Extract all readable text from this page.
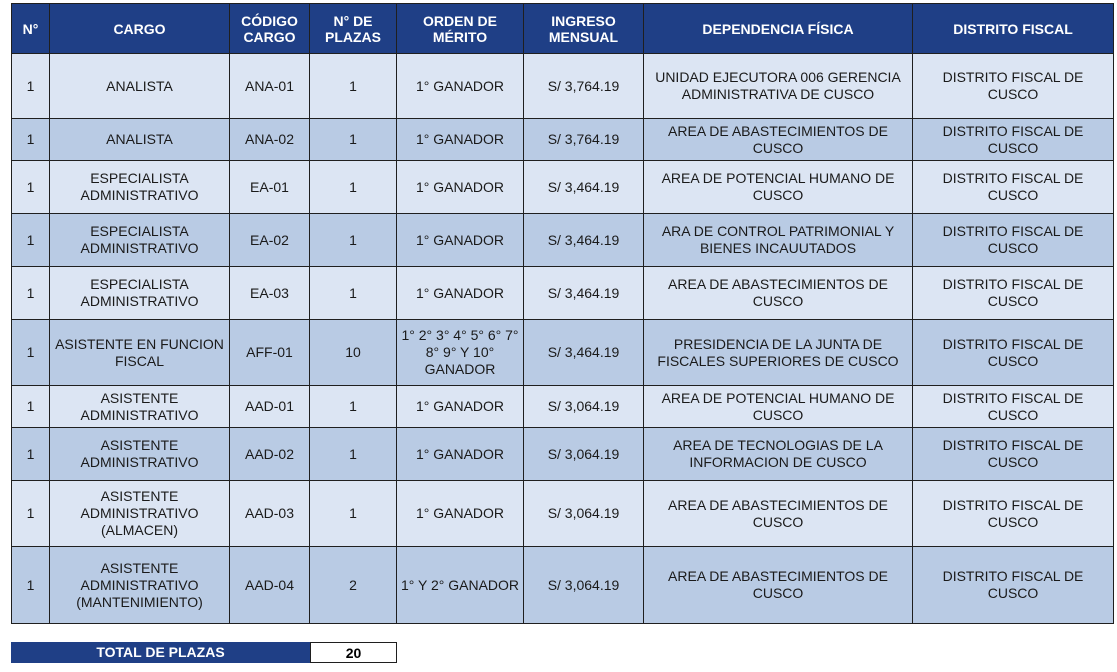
N°	CARGO	CÓDIGO CARGO	N° DE PLAZAS	ORDEN DE MÉRITO	INGRESO MENSUAL	DEPENDENCIA FÍSICA	DISTRITO FISCAL
1	ANALISTA	ANA-01	1	1° GANADOR	S/ 3,764.19	UNIDAD EJECUTORA 006 GERENCIA ADMINISTRATIVA DE CUSCO	DISTRITO FISCAL DE CUSCO
1	ANALISTA	ANA-02	1	1° GANADOR	S/ 3,764.19	AREA DE ABASTECIMIENTOS DE CUSCO	DISTRITO FISCAL DE CUSCO
1	ESPECIALISTA ADMINISTRATIVO	EA-01	1	1° GANADOR	S/ 3,464.19	AREA DE POTENCIAL HUMANO DE CUSCO	DISTRITO FISCAL DE CUSCO
1	ESPECIALISTA ADMINISTRATIVO	EA-02	1	1° GANADOR	S/ 3,464.19	ARA DE CONTROL PATRIMONIAL Y BIENES INCAUUTADOS	DISTRITO FISCAL DE CUSCO
1	ESPECIALISTA ADMINISTRATIVO	EA-03	1	1° GANADOR	S/ 3,464.19	AREA DE ABASTECIMIENTOS DE CUSCO	DISTRITO FISCAL DE CUSCO
1	ASISTENTE EN FUNCION FISCAL	AFF-01	10	1° 2° 3° 4° 5° 6° 7° 8° 9° Y 10° GANADOR	S/ 3,464.19	PRESIDENCIA DE LA JUNTA DE FISCALES SUPERIORES DE CUSCO	DISTRITO FISCAL DE CUSCO
1	ASISTENTE ADMINISTRATIVO	AAD-01	1	1° GANADOR	S/ 3,064.19	AREA DE POTENCIAL HUMANO DE CUSCO	DISTRITO FISCAL DE CUSCO
1	ASISTENTE ADMINISTRATIVO	AAD-02	1	1° GANADOR	S/ 3,064.19	AREA DE TECNOLOGIAS DE LA INFORMACION DE CUSCO	DISTRITO FISCAL DE CUSCO
1	ASISTENTE ADMINISTRATIVO (ALMACEN)	AAD-03	1	1° GANADOR	S/ 3,064.19	AREA DE ABASTECIMIENTOS DE CUSCO	DISTRITO FISCAL DE CUSCO
1	ASISTENTE ADMINISTRATIVO (MANTENIMIENTO)	AAD-04	2	1° Y 2° GANADOR	S/ 3,064.19	AREA DE ABASTECIMIENTOS DE CUSCO	DISTRITO FISCAL DE CUSCO
TOTAL DE PLAZAS	20
